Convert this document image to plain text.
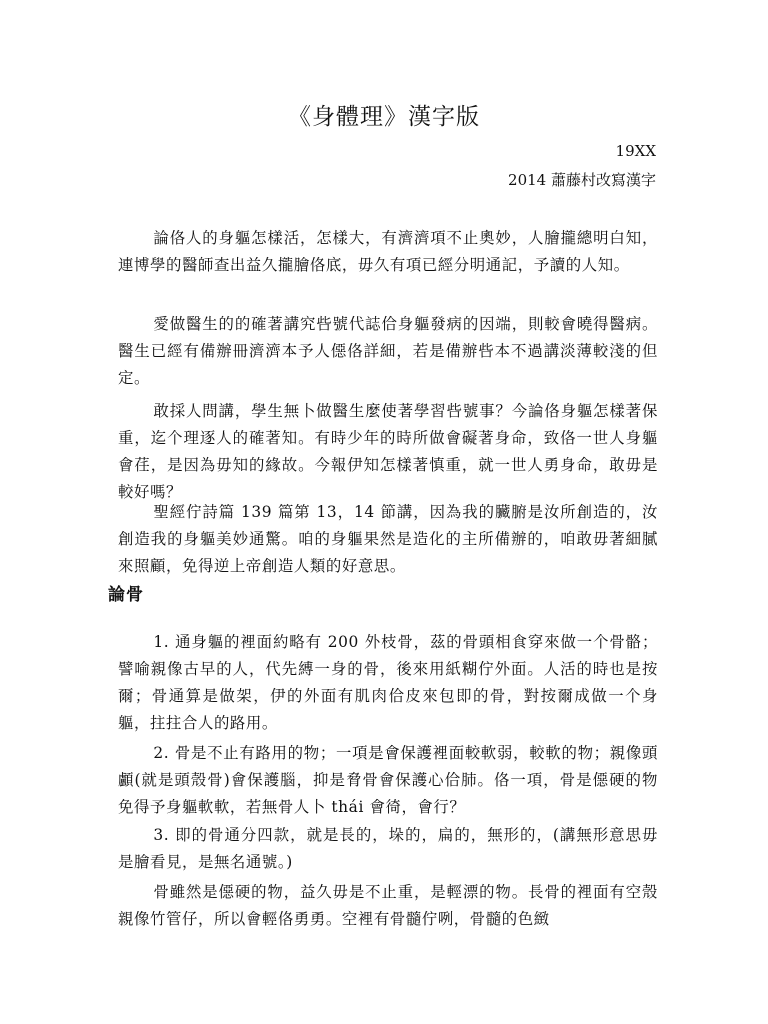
《身體理》漢字版
19XX
2014 蕭藤村改寫漢字

論佫人的身軀怎樣活，怎樣大，有濟濟項不止奧妙，人膾攏總明白知，連博學的醫師查出益久攏膾佫底，毋久有項已經分明通記，予讀的人知。

愛做醫生的的確著講究呰號代誌佮身軀發病的因端，則較會曉得醫病。醫生已經有備辦冊濟濟本予人僫佫詳細，若是備辦呰本不過講淡薄較淺的但定。

敢採人問講，學生無卜做醫生麼使著學習呰號事？今論佫身軀怎樣著保重，迄个理逐人的確著知。有時少年的時所做會礙著身命，致佫一世人身軀會荏，是因為毋知的緣故。今報伊知怎樣著慎重，就一世人勇身命，敢毋是較好嗎？

聖經佇詩篇 139 篇第 13，14 節講，因為我的臟腑是汝所創造的，汝創造我的身軀美妙通驚。咱的身軀果然是造化的主所備辦的，咱敢毋著細膩來照顧，免得逆上帝創造人類的好意思。

論骨

1. 通身軀的裡面約略有 200 外枝骨，茲的骨頭相食穿來做一个骨骼；譬喻親像古早的人，代先縛一身的骨，後來用紙糊佇外面。人活的時也是按爾；骨通算是做架，伊的外面有肌肉佮皮來包即的骨，對按爾成做一个身軀，拄拄合人的路用。

2. 骨是不止有路用的物；一項是會保護裡面較軟弱，較軟的物；親像頭顱(就是頭殼骨)會保護腦，抑是脅骨會保護心佮肺。佫一項，骨是僫硬的物免得予身軀軟軟，若無骨人卜 thái 會徛，會行？

3. 即的骨通分四款，就是長的，垛的，扁的，無形的，(講無形意思毋是膾看見，是無名通號。)

骨雖然是僫硬的物，益久毋是不止重，是輕漂的物。長骨的裡面有空殼親像竹管仔，所以會輕佫勇勇。空裡有骨髓佇咧，骨髓的色緻
